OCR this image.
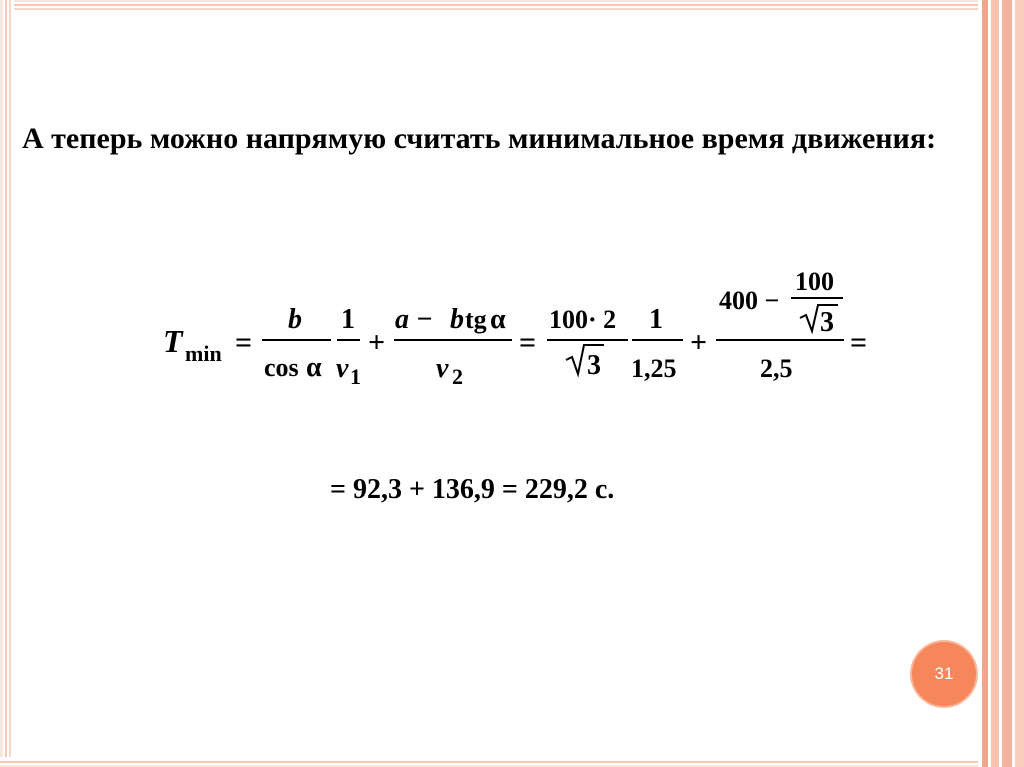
А теперь можно напрямую считать минимальное время движения:
T min =
b
cos α
1
v 1
+
a − b tg α
v 2
=
100· 2
3
1
1,25
+
400 −
100
3
2,5
=
= 92,3 + 136,9 = 229,2 с.
31
